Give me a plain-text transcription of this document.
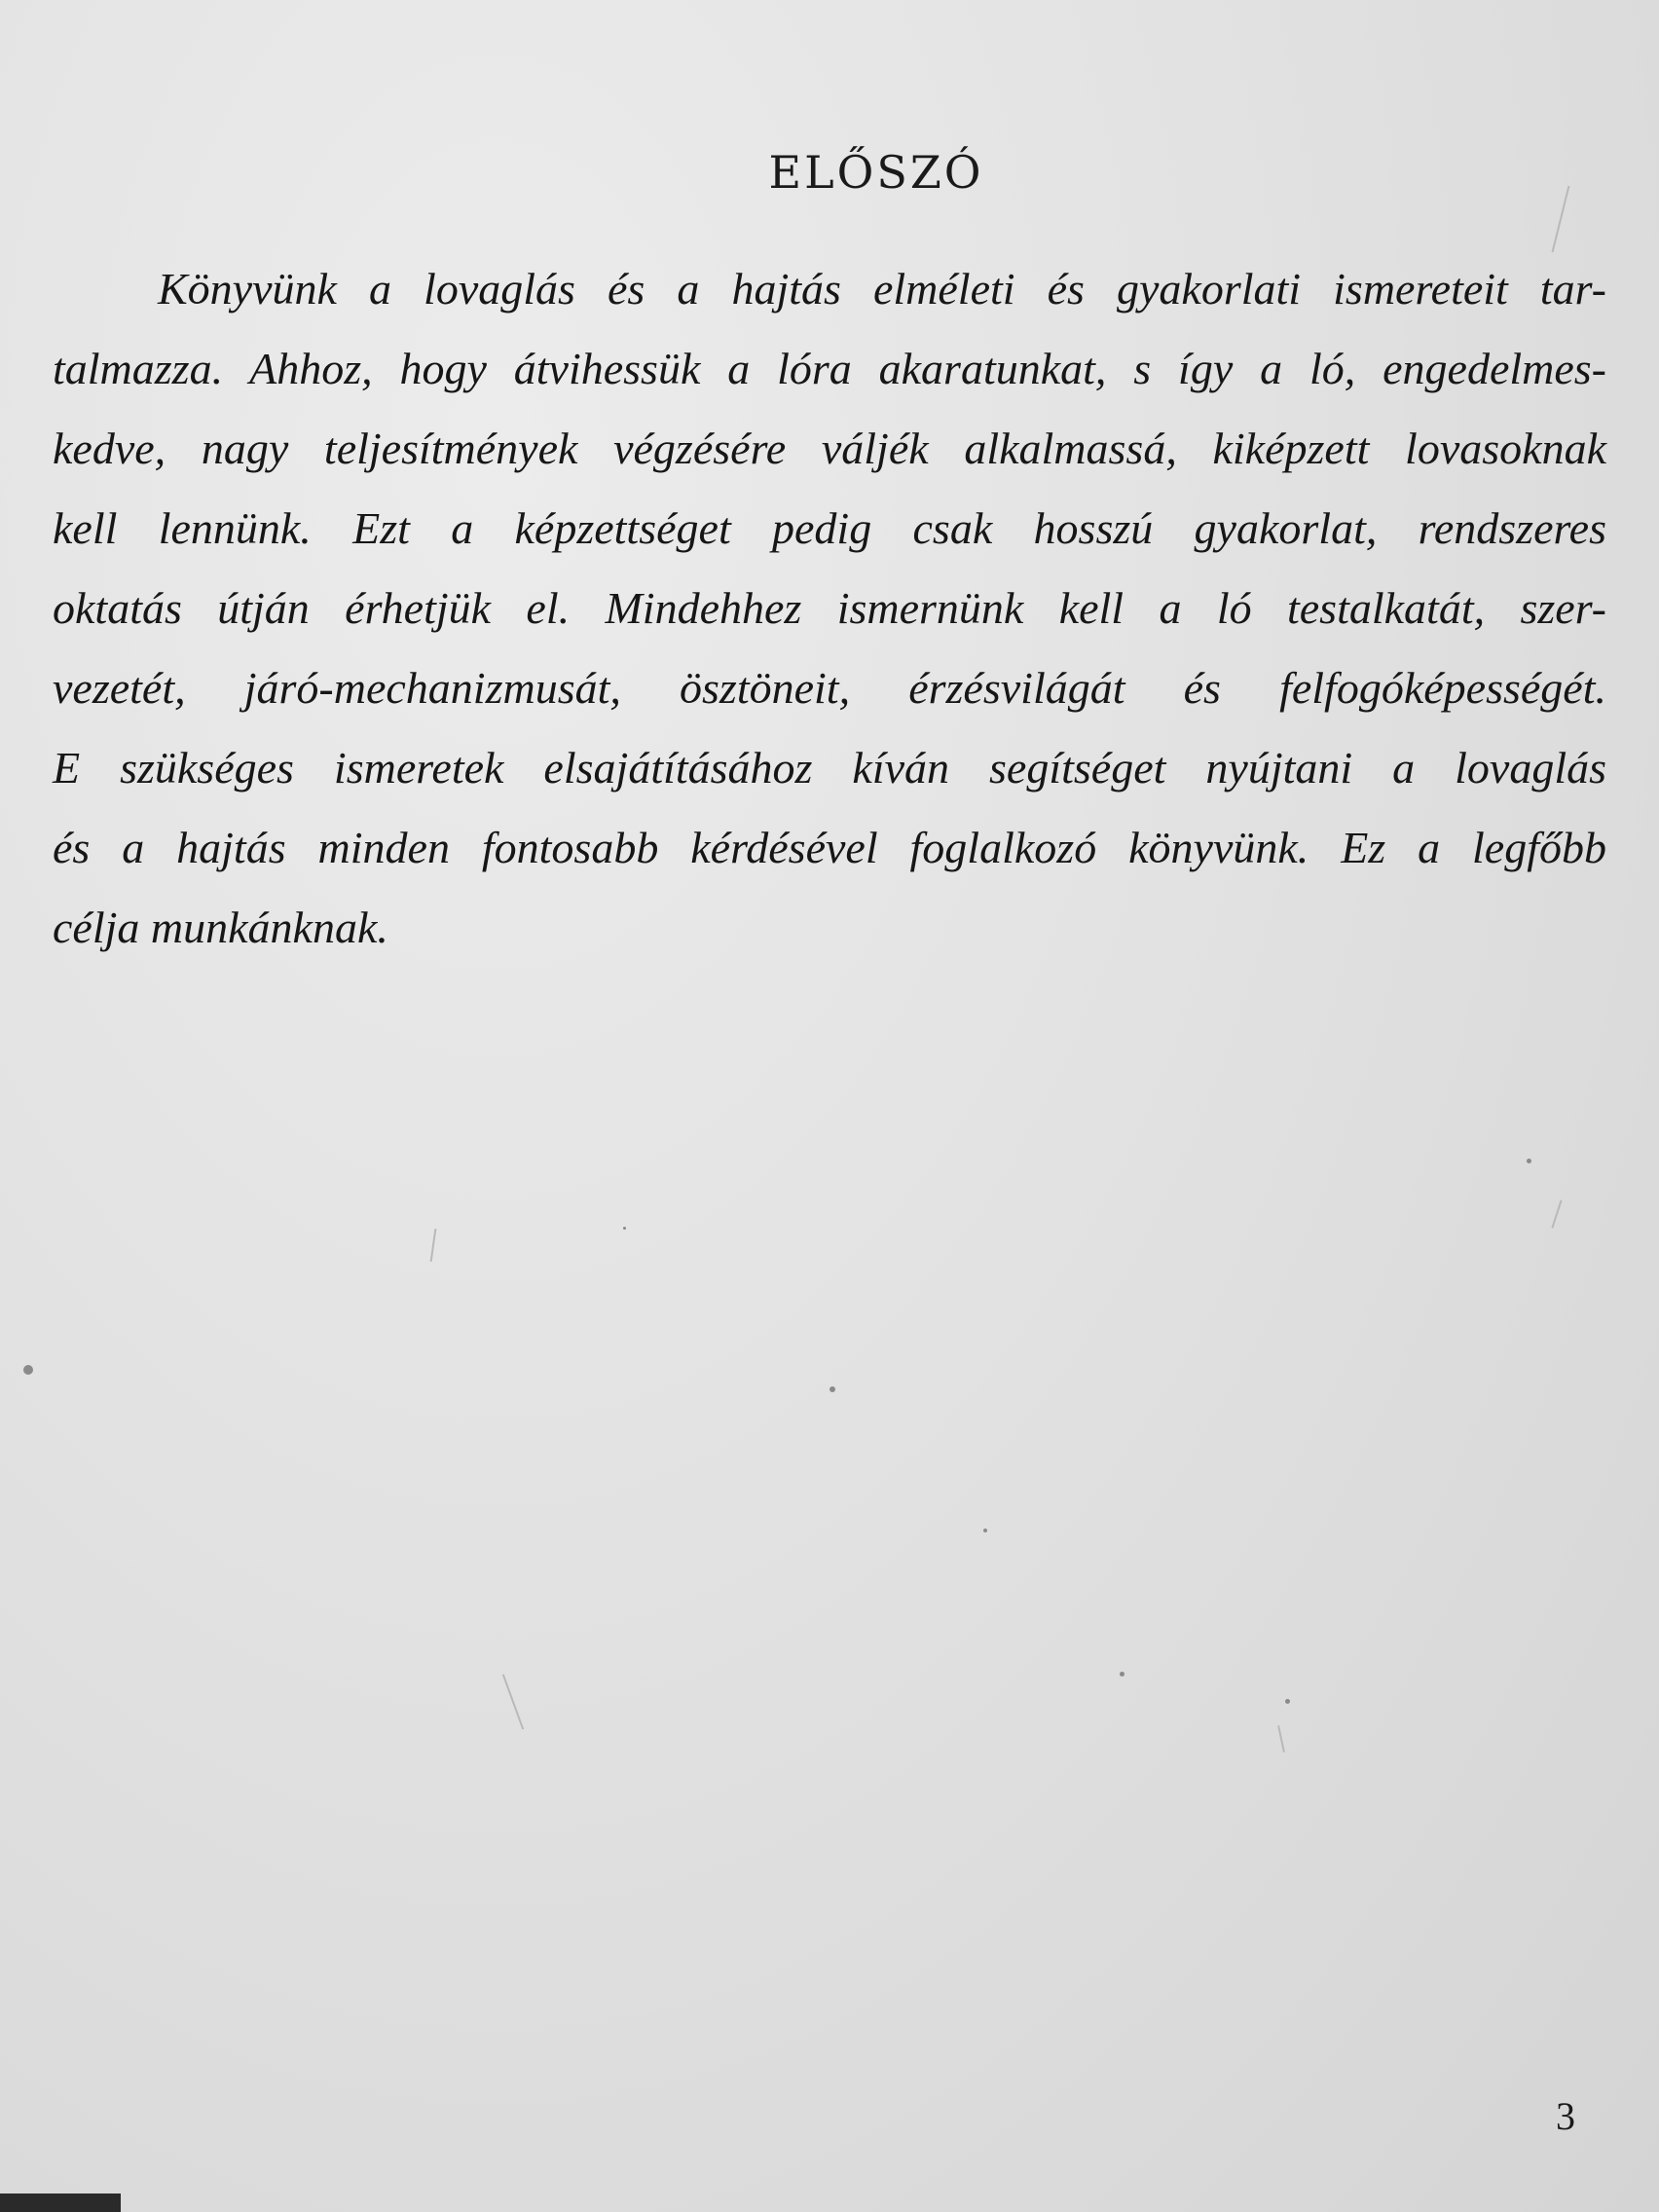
ELŐSZÓ
Könyvünk a lovaglás és a hajtás elméleti és gyakorlati ismereteit tar-
talmazza. Ahhoz, hogy átvihessük a lóra akaratunkat, s így a ló, engedelmes-
kedve, nagy teljesítmények végzésére váljék alkalmassá, kiképzett lovasoknak
kell lennünk. Ezt a képzettséget pedig csak hosszú gyakorlat, rendszeres
oktatás útján érhetjük el. Mindehhez ismernünk kell a ló testalkatát, szer-
vezetét, járó-mechanizmusát, ösztöneit, érzésvilágát és felfogóképességét.
E szükséges ismeretek elsajátításához kíván segítséget nyújtani a lovaglás
és a hajtás minden fontosabb kérdésével foglalkozó könyvünk. Ez a legfőbb
célja munkánknak.
3
